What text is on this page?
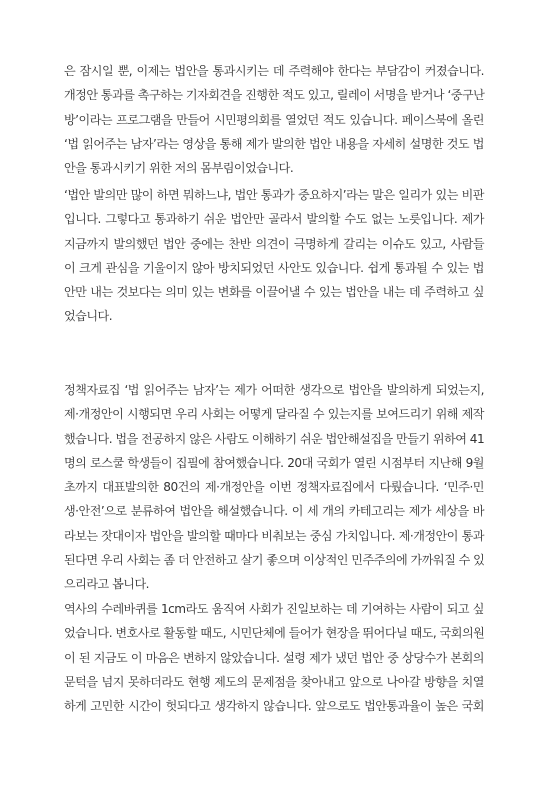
은 잠시일 뿐, 이제는 법안을 통과시키는 데 주력해야 한다는 부담감이 커졌습니다.
개정안 통과를 촉구하는 기자회견을 진행한 적도 있고, 릴레이 서명을 받거나 ‘중구난
방’이라는 프로그램을 만들어 시민평의회를 열었던 적도 있습니다. 페이스북에 올린
‘법 읽어주는 남자’라는 영상을 통해 제가 발의한 법안 내용을 자세히 설명한 것도 법
안을 통과시키기 위한 저의 몸부림이었습니다.
‘법안 발의만 많이 하면 뭐하느냐, 법안 통과가 중요하지’라는 말은 일리가 있는 비판
입니다. 그렇다고 통과하기 쉬운 법안만 골라서 발의할 수도 없는 노릇입니다. 제가
지금까지 발의했던 법안 중에는 찬반 의견이 극명하게 갈리는 이슈도 있고, 사람들
이 크게 관심을 기울이지 않아 방치되었던 사안도 있습니다. 쉽게 통과될 수 있는 법
안만 내는 것보다는 의미 있는 변화를 이끌어낼 수 있는 법안을 내는 데 주력하고 싶
었습니다.
정책자료집 ‘법 읽어주는 남자’는 제가 어떠한 생각으로 법안을 발의하게 되었는지,
제·개정안이 시행되면 우리 사회는 어떻게 달라질 수 있는지를 보여드리기 위해 제작
했습니다. 법을 전공하지 않은 사람도 이해하기 쉬운 법안해설집을 만들기 위하여 41
명의 로스쿨 학생들이 집필에 참여했습니다. 20대 국회가 열린 시점부터 지난해 9월
초까지 대표발의한 80건의 제·개정안을 이번 정책자료집에서 다뤘습니다. ‘민주·민
생·안전’으로 분류하여 법안을 해설했습니다. 이 세 개의 카테고리는 제가 세상을 바
라보는 잣대이자 법안을 발의할 때마다 비춰보는 중심 가치입니다. 제·개정안이 통과
된다면 우리 사회는 좀 더 안전하고 살기 좋으며 이상적인 민주주의에 가까워질 수 있
으리라고 봅니다.
역사의 수레바퀴를 1cm라도 움직여 사회가 진일보하는 데 기여하는 사람이 되고 싶
었습니다. 변호사로 활동할 때도, 시민단체에 들어가 현장을 뛰어다닐 때도, 국회의원
이 된 지금도 이 마음은 변하지 않았습니다. 설령 제가 냈던 법안 중 상당수가 본회의
문턱을 넘지 못하더라도 현행 제도의 문제점을 찾아내고 앞으로 나아갈 방향을 치열
하게 고민한 시간이 헛되다고 생각하지 않습니다. 앞으로도 법안통과율이 높은 국회
